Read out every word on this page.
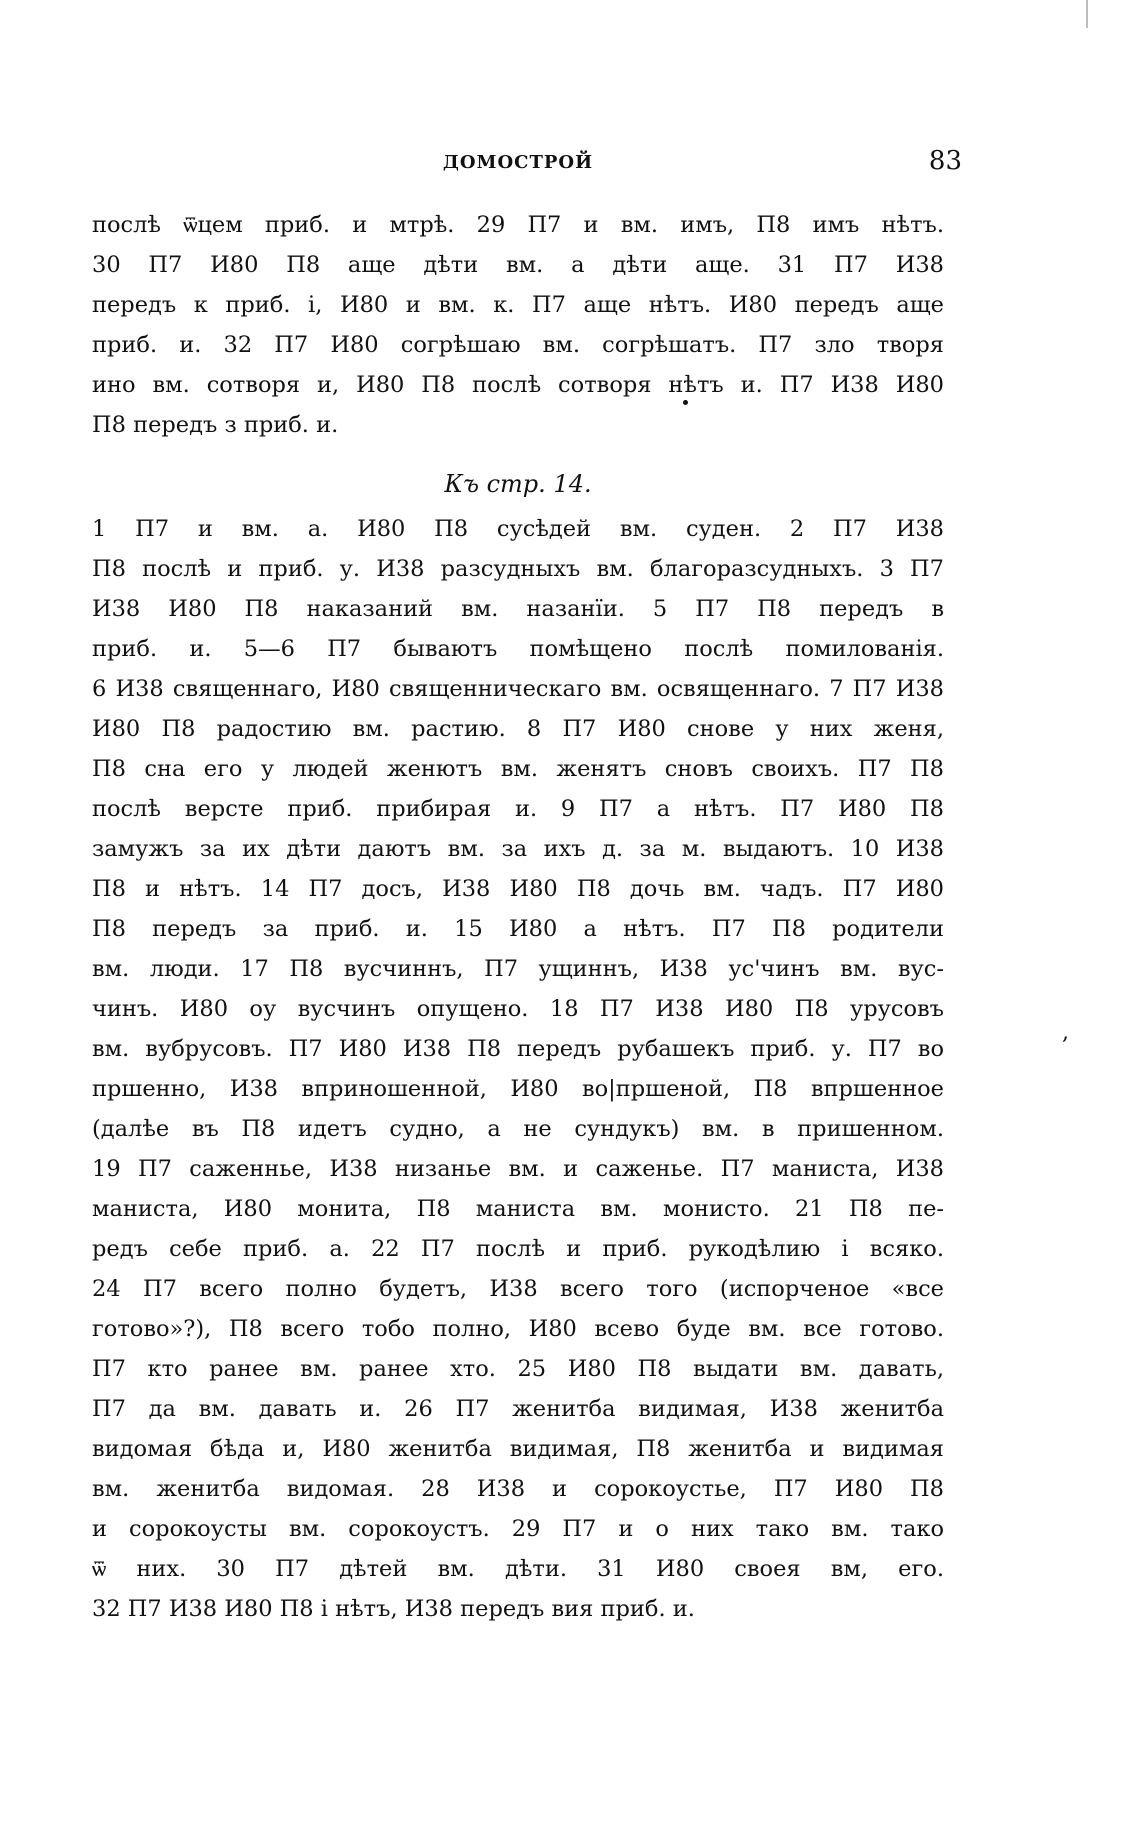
ДОМОСТРОЙ	83
послѣ ѿцем приб. и мтрѣ. 29 П7 и вм. имъ, П8 имъ нѣтъ.
30 П7 И80 П8 аще дѣти вм. а дѣти аще. 31 П7 И38
передъ к приб. і, И80 и вм. к. П7 аще нѣтъ. И80 передъ аще
приб. и. 32 П7 И80 согрѣшаю вм. согрѣшатъ. П7 зло творя
ино вм. сотворя и, И80 П8 послѣ сотворя нѣтъ и. П7 И38 И80
П8 передъ з приб. и.
Къ стр. 14.
1 П7 и вм. а. И80 П8 сусѣдей вм. суден. 2 П7 И38
П8 послѣ и приб. у. И38 разсудныхъ вм. благоразсудныхъ. 3 П7
И38 И80 П8 наказаний вм. назанїи. 5 П7 П8 передъ в
приб. и. 5—6 П7 бываютъ помѣщено послѣ помилованія.
6 И38 священнаго, И80 священническаго вм. освященнаго. 7 П7 И38
И80 П8 радостию вм. растию. 8 П7 И80 снове у них женя,
П8 сна его у людей женютъ вм. женятъ сновъ своихъ. П7 П8
послѣ версте приб. прибирая и. 9 П7 а нѣтъ. П7 И80 П8
замужъ за их дѣти даютъ вм. за ихъ д. за м. выдаютъ. 10 И38
П8 и нѣтъ. 14 П7 досъ, И38 И80 П8 дочь вм. чадъ. П7 И80
П8 передъ за приб. и. 15 И80 а нѣтъ. П7 П8 родители
вм. люди. 17 П8 вусчиннъ, П7 ущиннъ, И38 ус'чинъ вм. вус-
чинъ. И80 оу вусчинъ опущено. 18 П7 И38 И80 П8 урусовъ
вм. вубрусовъ. П7 И80 И38 П8 передъ рубашекъ приб. у. П7 во
пршенно, И38 вприношенной, И80 во|пршеной, П8 впршенное
(далѣе въ П8 идетъ судно, а не сундукъ) вм. в пришенном.
19 П7 саженнье, И38 низанье вм. и саженье. П7 маниста, И38
маниста, И80 монита, П8 маниста вм. монисто. 21 П8 пе-
редъ себе приб. а. 22 П7 послѣ и приб. рукодѣлию і всяко.
24 П7 всего полно будетъ, И38 всего того (испорченое «все
готово»?), П8 всего тобо полно, И80 всево буде вм. все готово.
П7 кто ранее вм. ранее хто. 25 И80 П8 выдати вм. давать,
П7 да вм. давать и. 26 П7 женитба видимая, И38 женитба
видомая бѣда и, И80 женитба видимая, П8 женитба и видимая
вм. женитба видомая. 28 И38 и сорокоустье, П7 И80 П8
и сорокоусты вм. сорокоустъ. 29 П7 и о них тако вм. тако
ѿ них. 30 П7 дѣтей вм. дѣти. 31 И80 своея вм, его.
32 П7 И38 И80 П8 і нѣтъ, И38 передъ вия приб. и.
,
